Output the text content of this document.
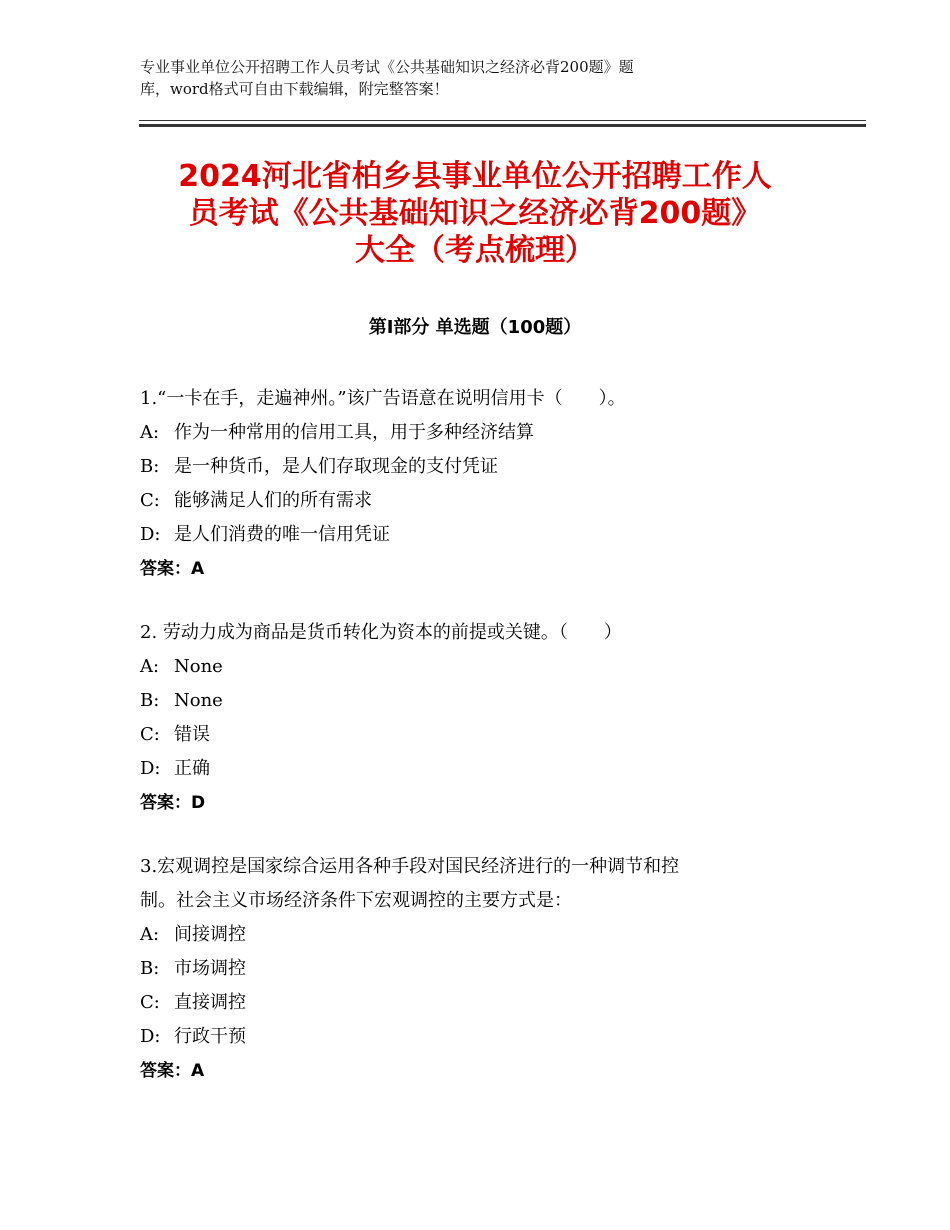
专业事业单位公开招聘工作人员考试《公共基础知识之经济必背200题》题
库，word格式可自由下载编辑，附完整答案！
2024河北省柏乡县事业单位公开招聘工作人
员考试《公共基础知识之经济必背200题》
大全（考点梳理）
第Ⅰ部分 单选题（100题）
1.“一卡在手，走遍神州。”该广告语意在说明信用卡（　　）。
A: 作为一种常用的信用工具，用于多种经济结算
B: 是一种货币，是人们存取现金的支付凭证
C: 能够满足人们的所有需求
D: 是人们消费的唯一信用凭证
答案：A
2. 劳动力成为商品是货币转化为资本的前提或关键。（　　）
A: None
B: None
C: 错误
D: 正确
答案：D
3.宏观调控是国家综合运用各种手段对国民经济进行的一种调节和控
制。社会主义市场经济条件下宏观调控的主要方式是：
A: 间接调控
B: 市场调控
C: 直接调控
D: 行政干预
答案：A
